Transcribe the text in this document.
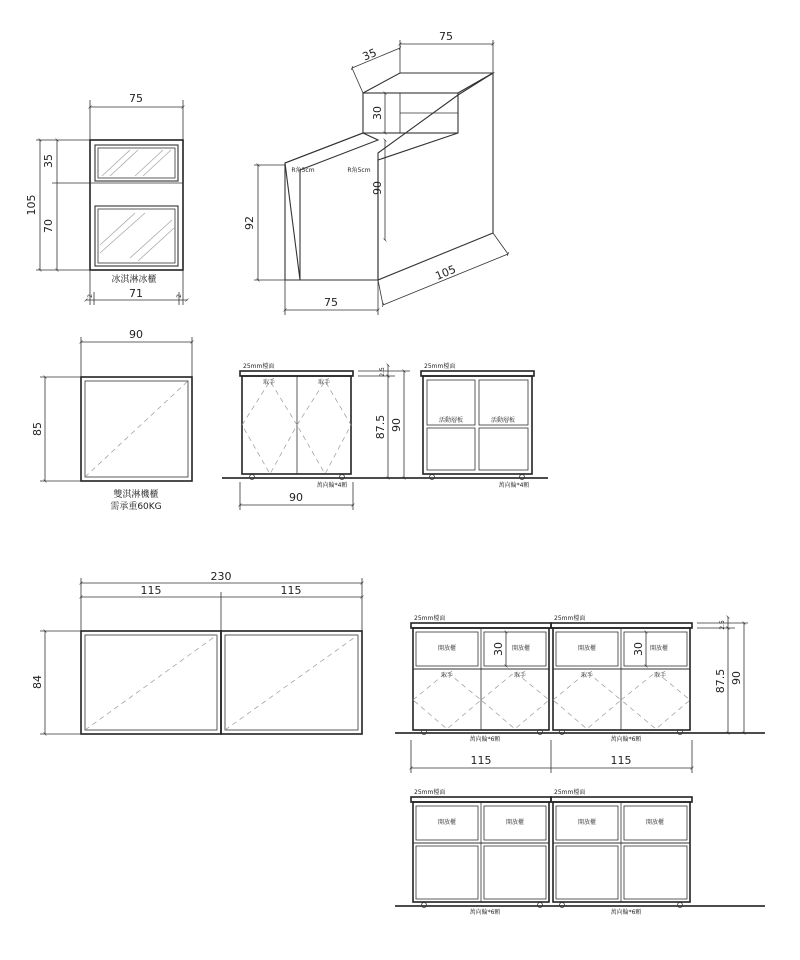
75
35
70
105
冰淇淋冰櫃
2	2
71
35
75
30
90
92
75
105
R角5cm	R角5cm
90
85
雙淇淋機櫃
需承重60KG
25mm檯面
取手	取手
萬向輪*4顆
90
2.5
87.5 90
25mm檯面
活動層板	活動層板
萬向輪*4顆
230
115	115
84
30	30
25mm檯面	25mm檯面
開放櫃	開放櫃	開放櫃	開放櫃
取手	取手	取手	取手
萬向輪*6顆	萬向輪*6顆
2.5
87.5 90
115	115
25mm檯面	25mm檯面
開放櫃	開放櫃	開放櫃	開放櫃
萬向輪*6顆	萬向輪*6顆
